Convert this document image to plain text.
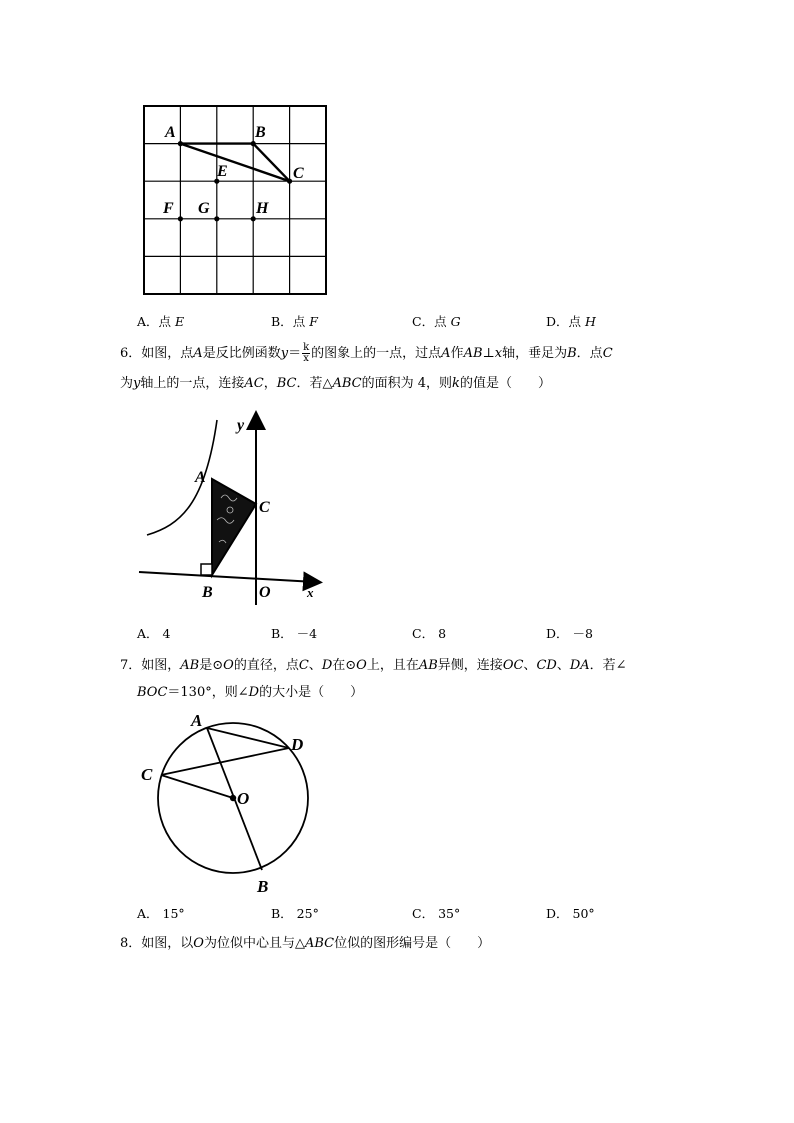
A	B
C
E
F G	H
A．点 E	B．点 F	C．点 G	D．点 H
6．如图，点A是反比例函数$y= \frac{k}{x}$ 的图象上的一点，过点A作AB⊥x轴，垂足为B．点C
为y轴上的一点，连接AC，BC．若△ABC的面积为 4，则k的值是（ ）
y
A
C
B	O	x
A． 4	B． －4	C． 8	D． －8
7．如图，AB是⊙O的直径，点C、D在⊙O上，且在AB异侧，连接OC、CD、DA．若∠
BOC＝130°，则∠D的大小是（ ）
A
D
C
O
B
A． 15°	B． 25°	C． 35°	D． 50°
8．如图，以O为位似中心且与△ABC位似的图形编号是（ ）
